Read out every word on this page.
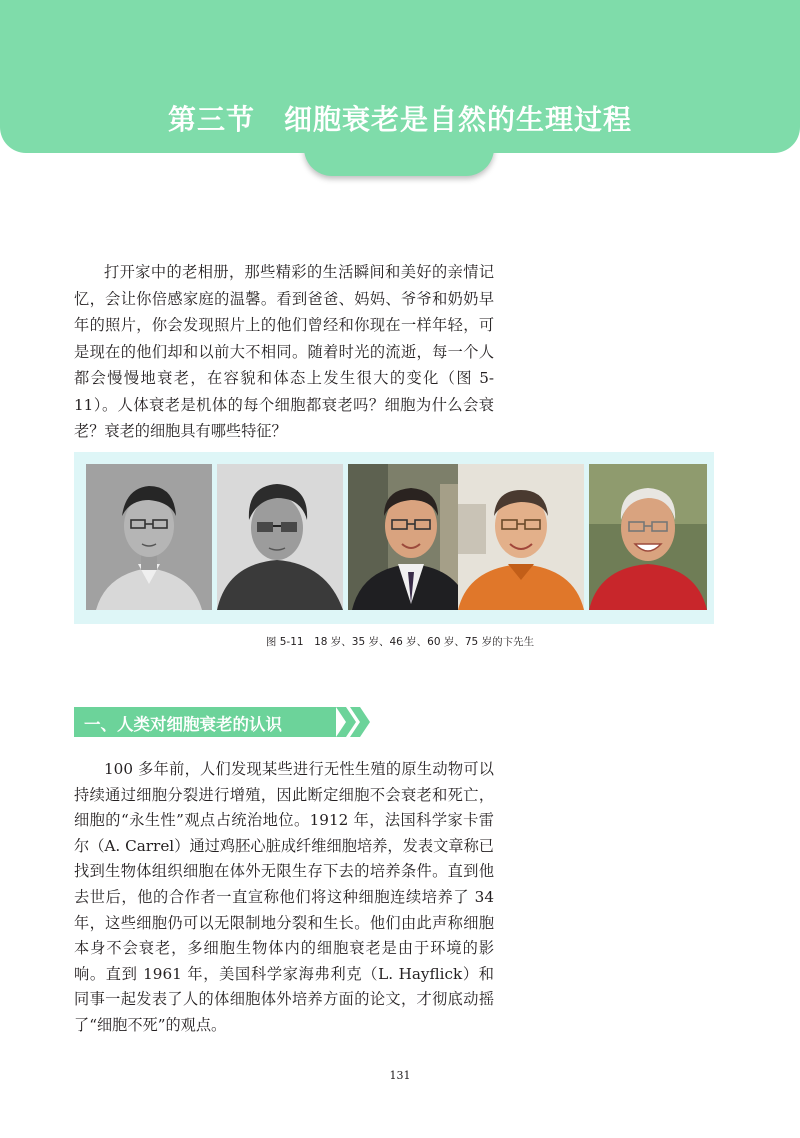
第三节　细胞衰老是自然的生理过程

打开家中的老相册，那些精彩的生活瞬间和美好的亲情记忆，会让你倍感家庭的温馨。看到爸爸、妈妈、爷爷和奶奶早年的照片，你会发现照片上的他们曾经和你现在一样年轻，可是现在的他们却和以前大不相同。随着时光的流逝，每一个人都会慢慢地衰老，在容貌和体态上发生很大的变化（图 5-11）。人体衰老是机体的每个细胞都衰老吗？细胞为什么会衰老？衰老的细胞具有哪些特征？

图 5-11　18 岁、35 岁、46 岁、60 岁、75 岁的卞先生
一、人类对细胞衰老的认识

100 多年前，人们发现某些进行无性生殖的原生动物可以持续通过细胞分裂进行增殖，因此断定细胞不会衰老和死亡，细胞的“永生性”观点占统治地位。1912 年，法国科学家卡雷尔（A. Carrel）通过鸡胚心脏成纤维细胞培养，发表文章称已找到生物体组织细胞在体外无限生存下去的培养条件。直到他去世后，他的合作者一直宣称他们将这种细胞连续培养了 34 年，这些细胞仍可以无限制地分裂和生长。他们由此声称细胞本身不会衰老，多细胞生物体内的细胞衰老是由于环境的影响。直到 1961 年，美国科学家海弗利克（L. Hayflick）和同事一起发表了人的体细胞体外培养方面的论文，才彻底动摇了“细胞不死”的观点。

131
